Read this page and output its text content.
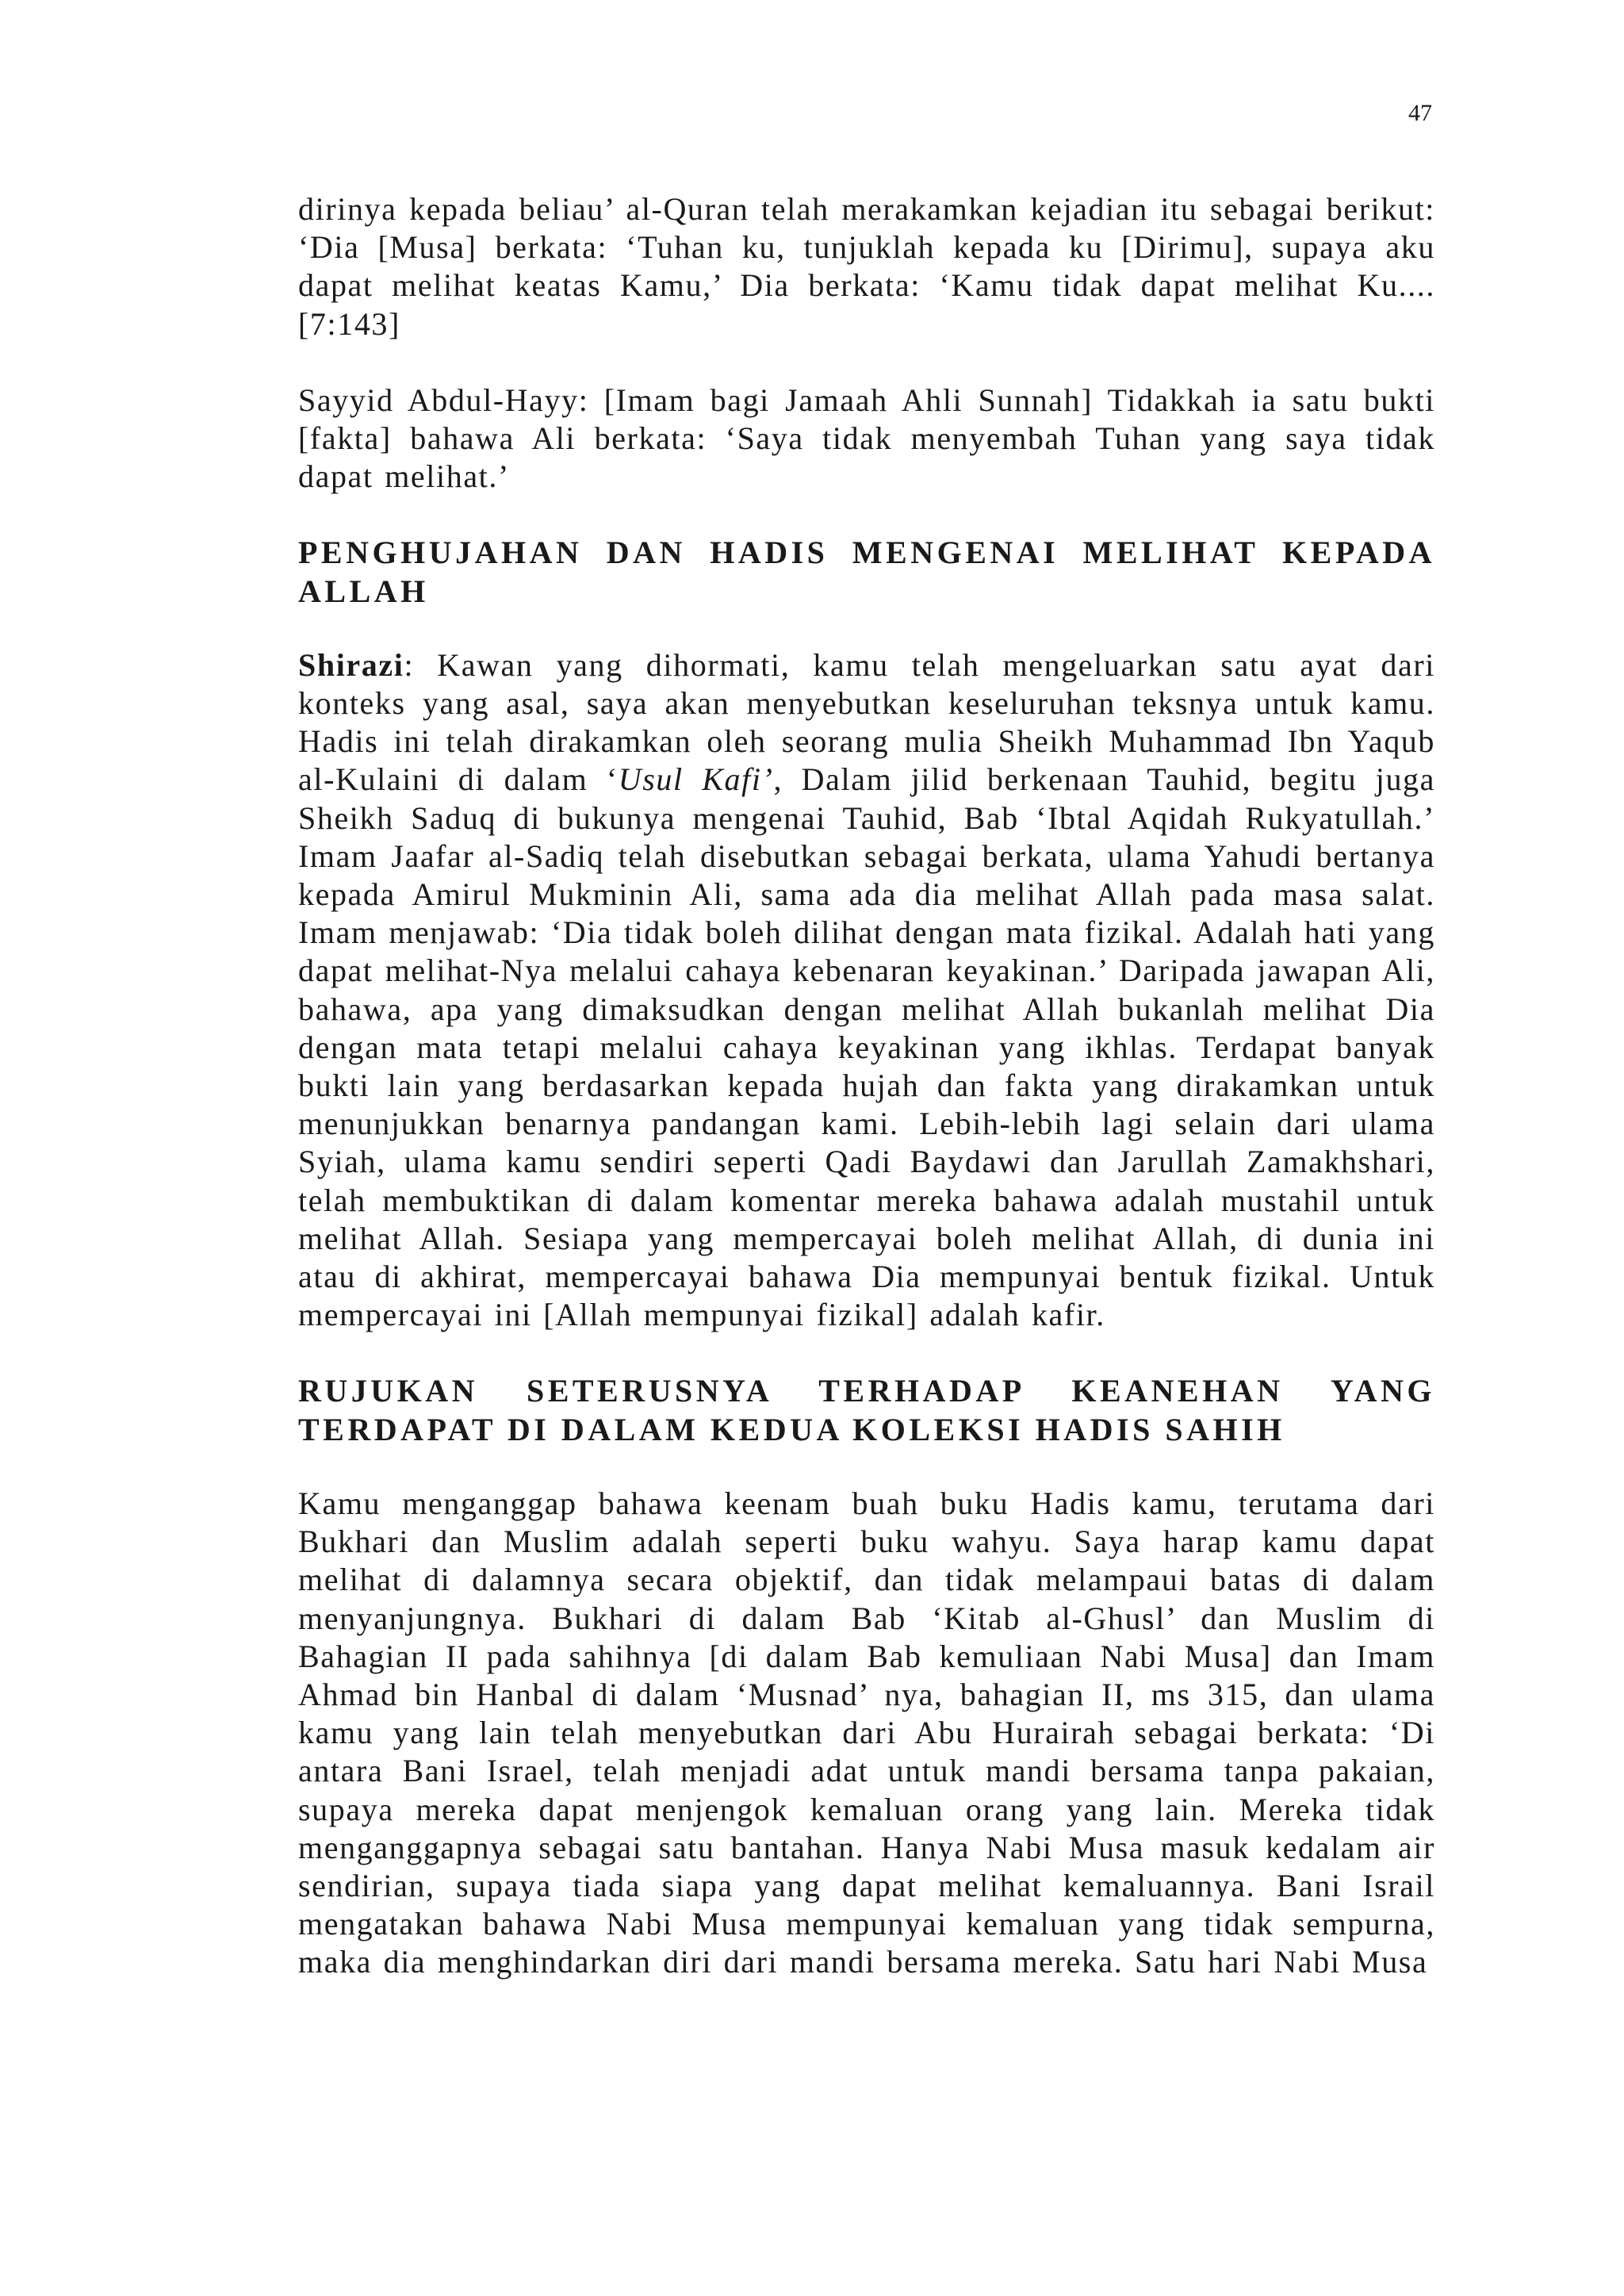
47

dirinya kepada beliau’ al-Quran telah merakamkan kejadian itu sebagai berikut: ‘Dia [Musa] berkata: ‘Tuhan ku, tunjuklah kepada ku [Dirimu], supaya aku dapat melihat keatas Kamu,’ Dia berkata: ‘Kamu tidak dapat melihat Ku.... [7:143]

Sayyid Abdul-Hayy: [Imam bagi Jamaah Ahli Sunnah] Tidakkah ia satu bukti [fakta] bahawa Ali berkata: ‘Saya tidak menyembah Tuhan yang saya tidak dapat melihat.’

PENGHUJAHAN DAN HADIS MENGENAI MELIHAT KEPADA ALLAH

Shirazi: Kawan yang dihormati, kamu telah mengeluarkan satu ayat dari konteks yang asal, saya akan menyebutkan keseluruhan teksnya untuk kamu. Hadis ini telah dirakamkan oleh seorang mulia Sheikh Muhammad Ibn Yaqub al-Kulaini di dalam ‘Usul Kafi’, Dalam jilid berkenaan Tauhid, begitu juga Sheikh Saduq di bukunya mengenai Tauhid, Bab ‘Ibtal Aqidah Rukyatullah.’ Imam Jaafar al-Sadiq telah disebutkan sebagai berkata, ulama Yahudi bertanya kepada Amirul Mukminin Ali, sama ada dia melihat Allah pada masa salat. Imam menjawab: ‘Dia tidak boleh dilihat dengan mata fizikal. Adalah hati yang dapat melihat-Nya melalui cahaya kebenaran keyakinan.’ Daripada jawapan Ali, bahawa, apa yang dimaksudkan dengan melihat Allah bukanlah melihat Dia dengan mata tetapi melalui cahaya keyakinan yang ikhlas. Terdapat banyak bukti lain yang berdasarkan kepada hujah dan fakta yang dirakamkan untuk menunjukkan benarnya pandangan kami. Lebih-lebih lagi selain dari ulama Syiah, ulama kamu sendiri seperti Qadi Baydawi dan Jarullah Zamakhshari, telah membuktikan di dalam komentar mereka bahawa adalah mustahil untuk melihat Allah. Sesiapa yang mempercayai boleh melihat Allah, di dunia ini atau di akhirat, mempercayai bahawa Dia mempunyai bentuk fizikal. Untuk mempercayai ini [Allah mempunyai fizikal] adalah kafir.

RUJUKAN SETERUSNYA TERHADAP KEANEHAN YANG TERDAPAT DI DALAM KEDUA KOLEKSI HADIS SAHIH

Kamu menganggap bahawa keenam buah buku Hadis kamu, terutama dari Bukhari dan Muslim adalah seperti buku wahyu. Saya harap kamu dapat melihat di dalamnya secara objektif, dan tidak melampaui batas di dalam menyanjungnya. Bukhari di dalam Bab ‘Kitab al-Ghusl’ dan Muslim di Bahagian II pada sahihnya [di dalam Bab kemuliaan Nabi Musa] dan Imam Ahmad bin Hanbal di dalam ‘Musnad’ nya, bahagian II, ms 315, dan ulama kamu yang lain telah menyebutkan dari Abu Hurairah sebagai berkata: ‘Di antara Bani Israel, telah menjadi adat untuk mandi bersama tanpa pakaian, supaya mereka dapat menjengok kemaluan orang yang lain. Mereka tidak menganggapnya sebagai satu bantahan. Hanya Nabi Musa masuk kedalam air sendirian, supaya tiada siapa yang dapat melihat kemaluannya. Bani Israil mengatakan bahawa Nabi Musa mempunyai kemaluan yang tidak sempurna, maka dia menghindarkan diri dari mandi bersama mereka. Satu hari Nabi Musa
